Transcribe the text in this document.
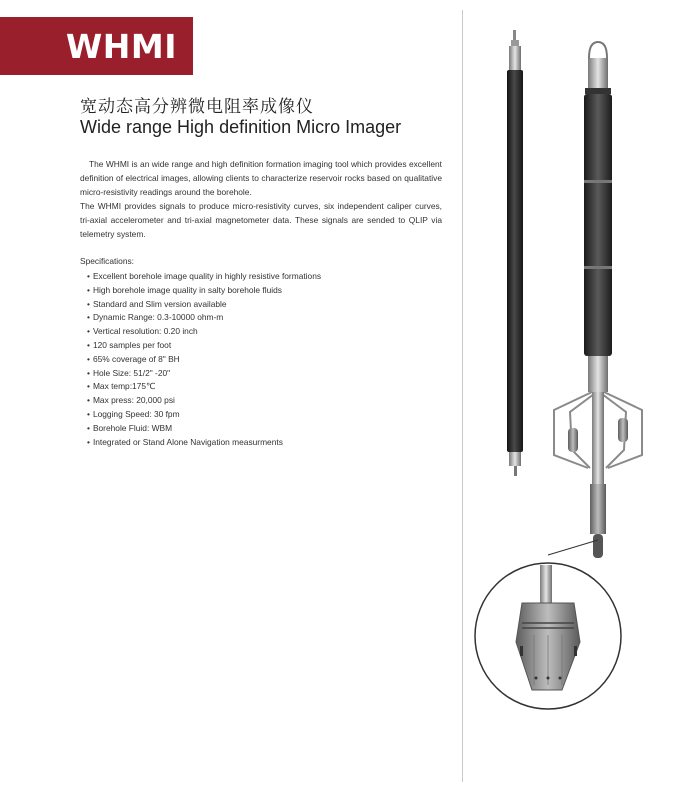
WHMI
宽动态高分辨微电阻率成像仪
Wide range High definition Micro Imager

The WHMI is an wide range and high definition formation imaging tool which provides excellent definition of electrical images, allowing clients to characterize reservoir rocks based on qualitative micro-resistivity readings around the borehole.

The WHMI provides signals to produce micro-resistivity curves, six independent caliper curves, tri-axial accelerometer and tri-axial magnetometer data. These signals are sended to QLIP via telemetry system.

Specifications:
• Excellent borehole image quality in highly resistive formations
• High borehole image quality in salty borehole fluids
• Standard and Slim version available
• Dynamic Range: 0.3-10000 ohm-m
• Vertical resolution: 0.20 inch
• 120 samples per foot
• 65% coverage of 8" BH
• Hole Size: 51/2" -20"
• Max temp:175℃
• Max press: 20,000 psi
• Logging Speed: 30 fpm
• Borehole Fluid: WBM
• Integrated or Stand Alone Navigation measurments
